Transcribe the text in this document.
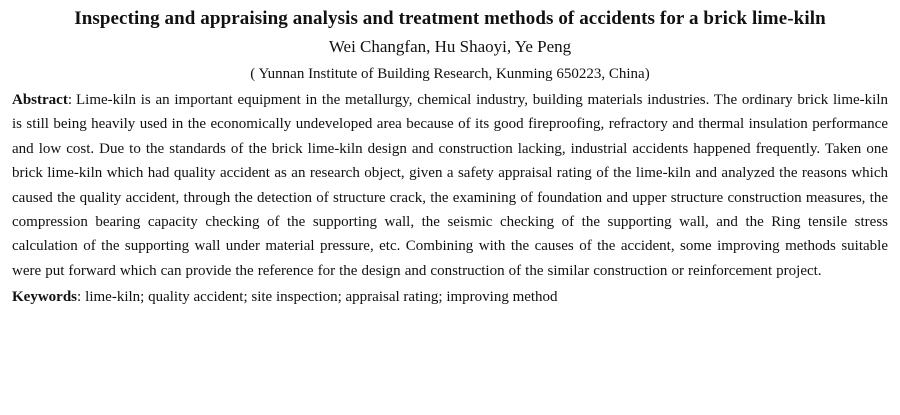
Inspecting and appraising analysis and treatment methods of accidents for a brick lime-kiln
Wei Changfan, Hu Shaoyi, Ye Peng
( Yunnan Institute of Building Research, Kunming 650223, China)

Abstract: Lime-kiln is an important equipment in the metallurgy, chemical industry, building materials industries. The ordinary brick lime-kiln is still being heavily used in the economically undeveloped area because of its good fireproofing, refractory and thermal insulation performance and low cost. Due to the standards of the brick lime-kiln design and construction lacking, industrial accidents happened frequently. Taken one brick lime-kiln which had quality accident as an research object, given a safety appraisal rating of the lime-kiln and analyzed the reasons which caused the quality accident, through the detection of structure crack, the examining of foundation and upper structure construction measures, the compression bearing capacity checking of the supporting wall, the seismic checking of the supporting wall, and the Ring tensile stress calculation of the supporting wall under material pressure, etc. Combining with the causes of the accident, some improving methods suitable were put forward which can provide the reference for the design and construction of the similar construction or reinforcement project.

Keywords: lime-kiln; quality accident; site inspection; appraisal rating; improving method
